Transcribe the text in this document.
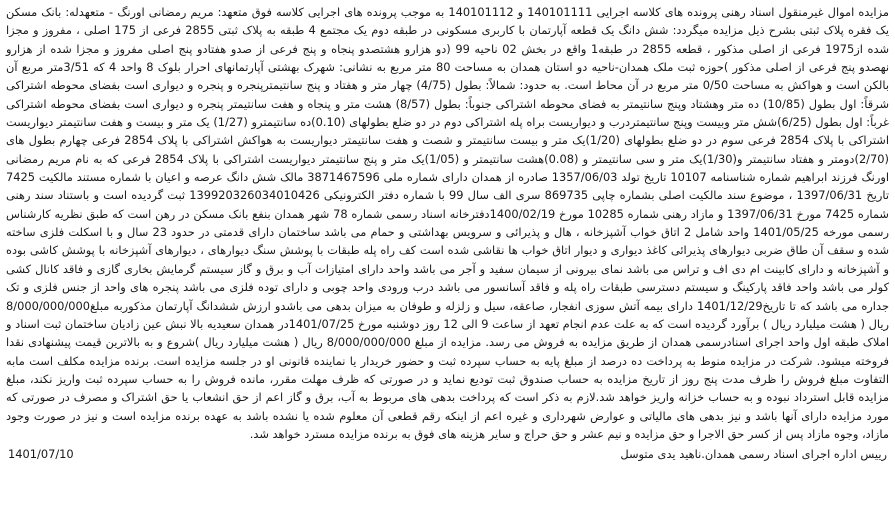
مزایده اموال غیرمنقول اسناد رهنی پرونده های کلاسه اجرایی 140101111 و 140101112 به موجب پرونده های اجرایی کلاسه فوق متعهد: مریم رمضانی اورنگ - متعهدله: بانک مسکن یک فقره پلاک ثبتی بشرح ذیل مزایده میگردد: شش دانگ یک قطعه آپارتمان با کاربری مسکونی در طبقه دوم یک مجتمع 4 طبقه به پلاک ثبتی 2855 فرعی از 175 اصلی ، مفروز و مجزا شده از1975 فرعی از اصلی مذکور ، قطعه 2855 در طبقه1 واقع در بخش 02 ناحیه 99 (دو هزارو هشتصدو پنجاه و پنج فرعی از صدو هفتادو پنج اصلی مفروز و مجزا شده از هزارو نهصدو پنج فرعی از اصلی مذکور )حوزه ثبت ملک همدان-ناحیه دو استان همدان به مساحت 80 متر مربع به نشانی: شهرک بهشتی آپارتمانهای احرار بلوک 8 واحد 4 که 3/51متر مربع آن بالکن است و هواکش به مساحت 0/50 متر مربع در آن محاط است. به حدود: شمالاً: بطول (4/75) چهار متر و هفتاد و پنج سانتیمترپنجره و پنجره و دیواری است بفضای محوطه اشتراکی شرقاً: اول بطول (10/85) ده متر وهشتاد وپنج سانتیمتر به فضای محوطه اشتراکی جنوباً: بطول (8/57) هشت متر و پنجاه و هفت سانتیمتر پنجره و دیواری است بفضای محوطه اشتراکی غرباً: اول بطول (6/25)شش متر وبیست وپنج سانتیمتردرب و دیواریست براه پله اشتراکی دوم در دو ضلع بطولهای (0.10)ده سانتیمترو (1/27) یک متر و بیست و هفت سانتیمتر دیواریست اشتراکی با پلاک 2854 فرعی سوم در دو ضلع بطولهای (1/20)یک متر و بیست سانتیمتر و شصت و هفت سانتیمتر دیواریست به هواکش اشتراکی با پلاک 2854 فرعی چهارم بطول های (2/70)دومتر و هفتاد سانتیمتر و(1/30)یک متر و سی سانتیمتر و (0.08)هشت سانتیمتر و (1/05)یک متر و پنج سانتیمتر دیواریست اشتراکی با پلاک 2854 فرعی که به نام مریم رمضانی اورنگ فرزند ابراهیم شماره شناسنامه 10107 تاریخ تولد 1357/06/03 صادره از همدان دارای شماره ملی 3871467596 مالک شش دانگ عرصه و اعیان با شماره مستند مالکیت 7425 تاریخ 1397/06/31 ، موضوع سند مالکیت اصلی بشماره چاپی 869735 سری الف سال 99 با شماره دفتر الکترونیکی 139920326034010426 ثبت گردیده است و باستناد سند رهنی شماره 7425 مورخ 1397/06/31 و مازاد رهنی شماره 10285 مورخ 1400/02/19دفترخانه اسناد رسمی شماره 78 شهر همدان بنفع بانک مسکن در رهن است که طبق نظریه کارشناس رسمی مورخه 1401/05/25 واحد شامل 2 اتاق خواب آشپزخانه ، هال و پذیرائی و سرویس بهداشتی و حمام می باشد ساختمان دارای قدمتی در حدود 23 سال و با اسکلت فلزی ساخته شده و سقف آن طاق ضربی دیوارهای پذیرائی کاغذ دیواری و دیوار اتاق خواب ها نقاشی شده است کف راه پله طبقات با پوشش سنگ دیوارهای ، دیوارهای آشپزخانه با پوشش کاشی بوده و آشپزخانه و دارای کابینت ام دی اف و تراس می باشد نمای بیرونی از سیمان سفید و آجر می باشد واحد دارای امتیازات آب و برق و گاز سیستم گرمایش بخاری گازی و فاقد کانال کشی کولر می باشد واحد فاقد پارکینگ و سیستم دسترسی طبقات راه پله و فاقد آسانسور می باشد درب ورودی واحد چوبی و دارای توده فلزی می باشد پنجره های واحد از جنس فلزی و تک جداره می باشد که تا تاریخ1401/12/29 دارای بیمه آتش سوزی انفجار، صاعقه، سیل و زلزله و طوفان به میزان بدهی می باشدو ارزش ششدانگ آپارتمان مذکوربه مبلغ8/000/000/000 ریال ( هشت میلیارد ریال ) برآورد گردیده است که به علت عدم انجام تعهد از ساعت 9 الی 12 روز دوشنبه مورخ 1401/07/25در همدان سعیدیه بالا نبش عین زادیان ساختمان ثبت اسناد و املاک طبقه اول واحد اجرای اسنادرسمی همدان از طریق مزایده به فروش می رسد. مزایده از مبلغ 8/000/000/000 ریال ( هشت میلیارد ریال )شروع و به بالاترین قیمت پیشنهادی نقدا فروخته میشود. شرکت در مزایده منوط به پرداخت ده درصد از مبلغ پایه به حساب سپرده ثبت و حضور خریدار یا نماینده قانونی او در جلسه مزایده است. برنده مزایده مکلف است مابه التفاوت مبلغ فروش را ظرف مدت پنج روز از تاریخ مزایده به حساب صندوق ثبت تودیع نماید و در صورتی که ظرف مهلت مقرر، مانده فروش را به حساب سپرده ثبت واریز نکند، مبلغ مزایده قابل استرداد نبوده و به حساب خزانه واریز خواهد شد.لازم به ذکر است که پرداخت بدهی های مربوط به آب، برق و گاز اعم از حق انشعاب یا حق اشتراک و مصرف در صورتی که مورد مزایده دارای آنها باشد و نیز بدهی های مالیاتی و عوارض شهرداری و غیره اعم از اینکه رقم قطعی آن معلوم شده یا نشده باشد به عهده برنده مزایده است و نیز در صورت وجود مازاد، وجوه مازاد پس از کسر حق الاجرا و حق مزایده و نیم عشر و حق حراج و سایر هزینه های فوق به برنده مزایده مسترد خواهد شد.

رییس اداره اجرای اسناد رسمی همدان.ناهید یدی متوسل
1401/07/10
